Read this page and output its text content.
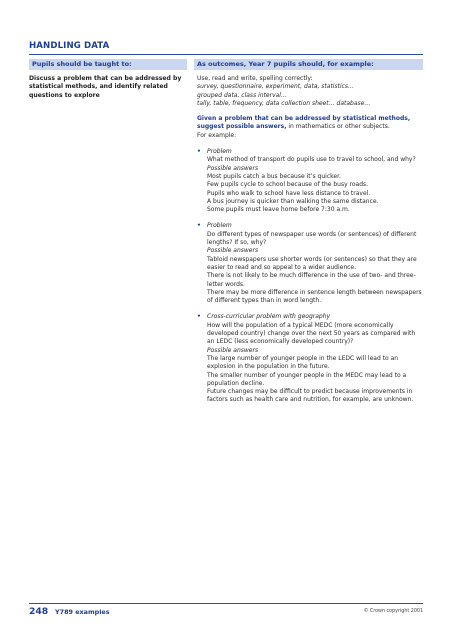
HANDLING DATA
Pupils should be taught to:	As outcomes, Year 7 pupils should, for example:
Discuss a problem that can be addressed by statistical methods, and identify related questions to explore

Use, read and write, spelling correctly:

survey, questionnaire, experiment, data, statistics…

grouped data, class interval…

tally, table, frequency, data collection sheet… database…

Given a problem that can be addressed by statistical methods, suggest possible answers, in mathematics or other subjects.

For example:

• Problem

What method of transport do pupils use to travel to school, and why?

Possible answers

Most pupils catch a bus because it’s quicker.

Few pupils cycle to school because of the busy roads.

Pupils who walk to school have less distance to travel.

A bus journey is quicker than walking the same distance.

Some pupils must leave home before 7:30 a.m.

• Problem

Do different types of newspaper use words (or sentences) of different lengths? If so, why?

Possible answers

Tabloid newspapers use shorter words (or sentences) so that they are easier to read and so appeal to a wider audience.

There is not likely to be much difference in the use of two- and three-letter words.

There may be more difference in sentence length between newspapers of different types than in word length.

• Cross-curricular problem with geography

How will the population of a typical MEDC (more economically developed country) change over the next 50 years as compared with an LEDC (less economically developed country)?

Possible answers

The large number of younger people in the LEDC will lead to an explosion in the population in the future.

The smaller number of younger people in the MEDC may lead to a population decline.

Future changes may be difficult to predict because improvements in factors such as health care and nutrition, for example, are unknown.

248 Y789 examples	© Crown copyright 2001
